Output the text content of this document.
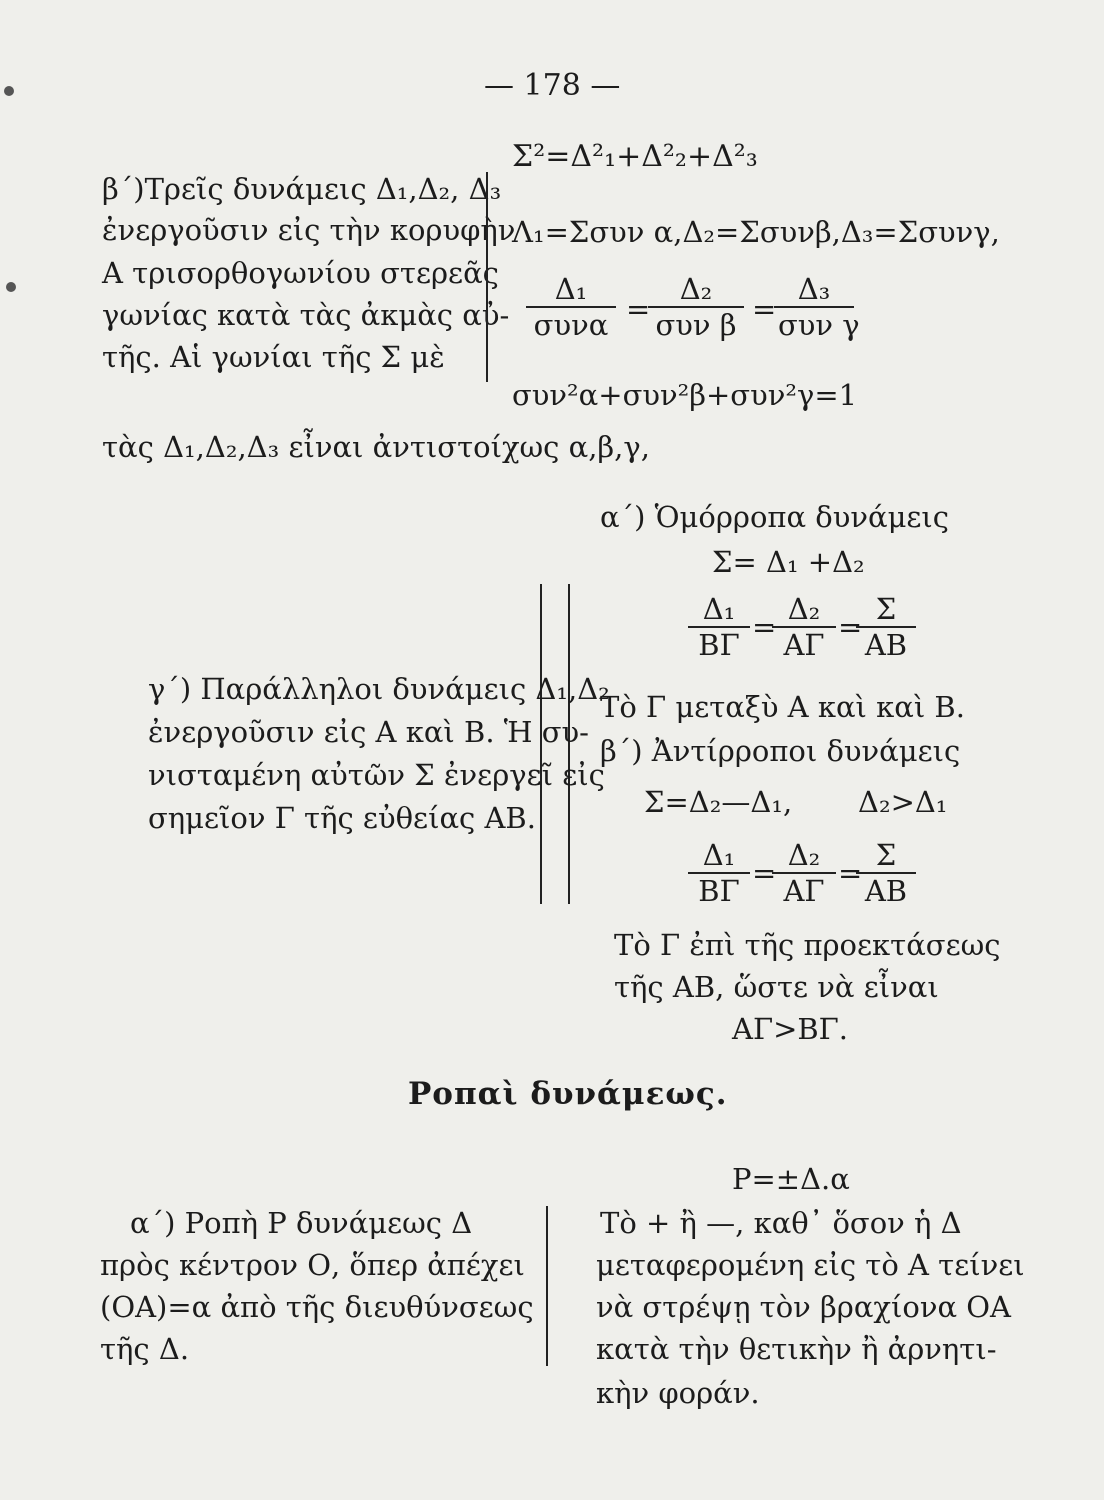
— 178 —
Σ²=Δ²₁+Δ²₂+Δ²₃
β΄)Τρεῖς δυνάμεις Δ₁,Δ₂, Δ₃
ἐνεργοῦσιν εἰς τὴν κορυφὴν
Α τρισορθογωνίου στερεᾶς
γωνίας κατὰ τὰς ἀκμὰς αὐ-
τῆς. Αἱ γωνίαι τῆς Σ μὲ
Λ₁=Σσυν α,Δ₂=Σσυνβ,Δ₃=Σσυνγ,
Δ₁
συνα =
Δ₂
συν β =
Δ₃
συν γ
συν²α+συν²β+συν²γ=1
τὰς Δ₁,Δ₂,Δ₃ εἶναι ἀντιστοίχως α,β,γ,
α΄) Ὁμόρροπα δυνάμεις
Σ= Δ₁ +Δ₂
$\frac{\text{Δ₁}}{B\Gamma}$ =
$\frac{\text{Δ₂}}{A\Gamma}$ =
$\frac{\Sigma}{AB}$
γ΄) Παράλληλοι δυνάμεις Δ₁,Δ₂
ἐνεργοῦσιν εἰς Α καὶ Β. Ἡ συ-
νισταμένη αὐτῶν Σ ἐνεργεῖ εἰς
σημεῖον Γ τῆς εὐθείας ΑΒ.
Τὸ Γ μεταξὺ Α καὶ καὶ Β.
β΄) Ἀντίρροποι δυνάμεις
Σ=Δ₂—Δ₁, Δ₂>Δ₁
$\frac{\text{Δ₁}}{B\Gamma}$ =
$\frac{\text{Δ₂}}{A\Gamma}$ =
$\frac{\Sigma}{AB}$
Τὸ Γ ἐπὶ τῆς προεκτάσεως
τῆς ΑΒ, ὥστε νὰ εἶναι
ΑΓ>ΒΓ.
Ροπαὶ δυνάμεως.
Ρ=±Δ.α
α΄) Ροπὴ Ρ δυνάμεως Δ
πρὸς κέντρον Ο, ὅπερ ἀπέχει
(ΟΑ)=α ἀπὸ τῆς διευθύνσεως
τῆς Δ.
Τὸ + ἢ —, καθ᾽ ὅσον ἡ Δ
μεταφερομένη εἰς τὸ Α τείνει
νὰ στρέψῃ τὸν βραχίονα ΟΑ
κατὰ τὴν θετικὴν ἢ ἀρνητι-
κὴν φοράν.
